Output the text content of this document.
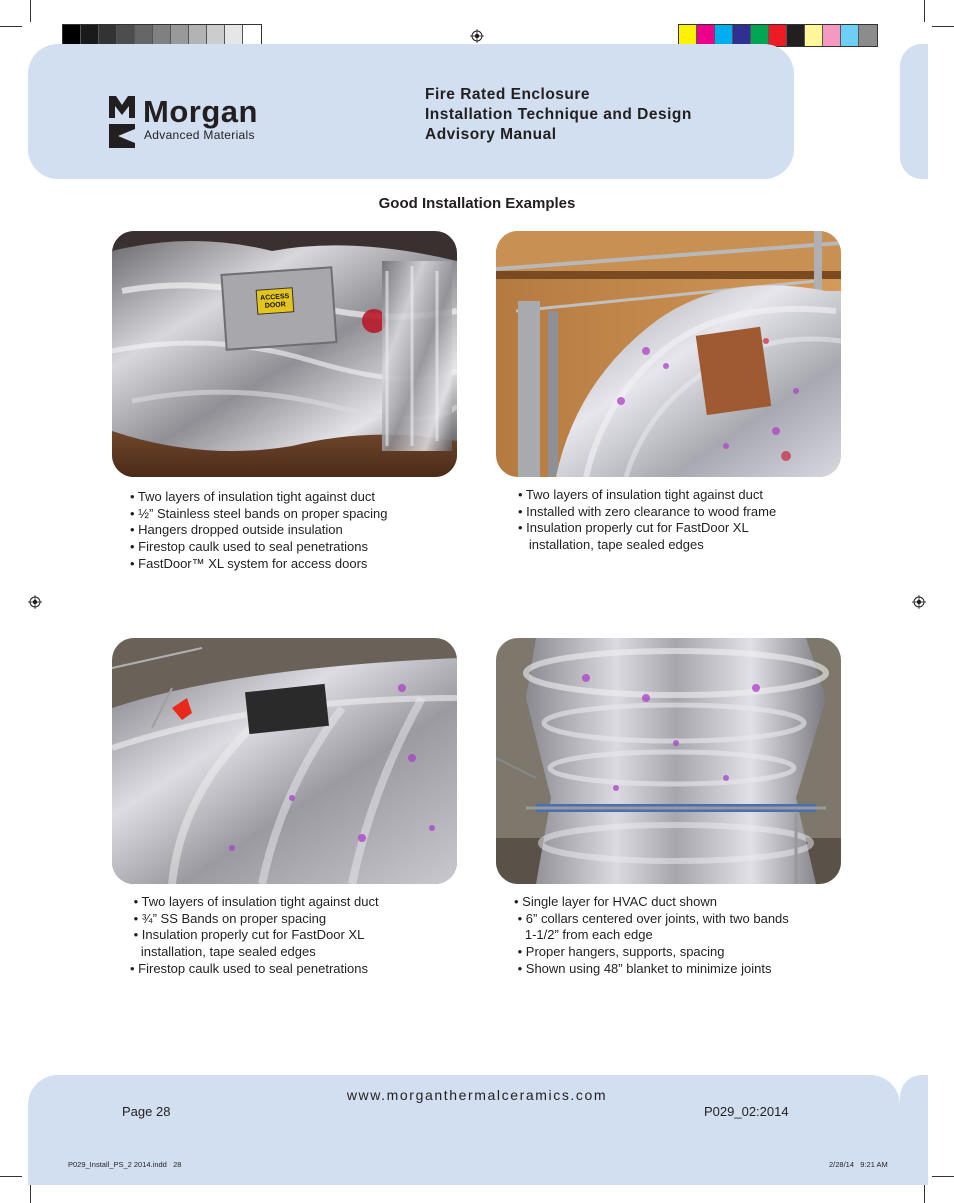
Morgan
Advanced Materials
Fire Rated Enclosure
Installation Technique and Design
Advisory Manual
Good Installation Examples
ACCESS
DOOR
• Two layers of insulation tight against duct
• ½” Stainless steel bands on proper spacing
• Hangers dropped outside insulation
• Firestop caulk used to seal penetrations
• FastDoor™ XL system for access doors
• Two layers of insulation tight against duct
• Installed with zero clearance to wood frame
• Insulation properly cut for FastDoor XL
installation, tape sealed edges
• Two layers of insulation tight against duct
• ¾” SS Bands on proper spacing
• Insulation properly cut for FastDoor XL
installation, tape sealed edges
• Firestop caulk used to seal penetrations
• Single layer for HVAC duct shown
• 6” collars centered over joints, with two bands
1-1/2” from each edge
• Proper hangers, supports, spacing
• Shown using 48” blanket to minimize joints
www.morganthermalceramics.com
Page 28	P029_02:2014
P029_Install_PS_2 2014.indd   28	2/28/14   9:21 AM
